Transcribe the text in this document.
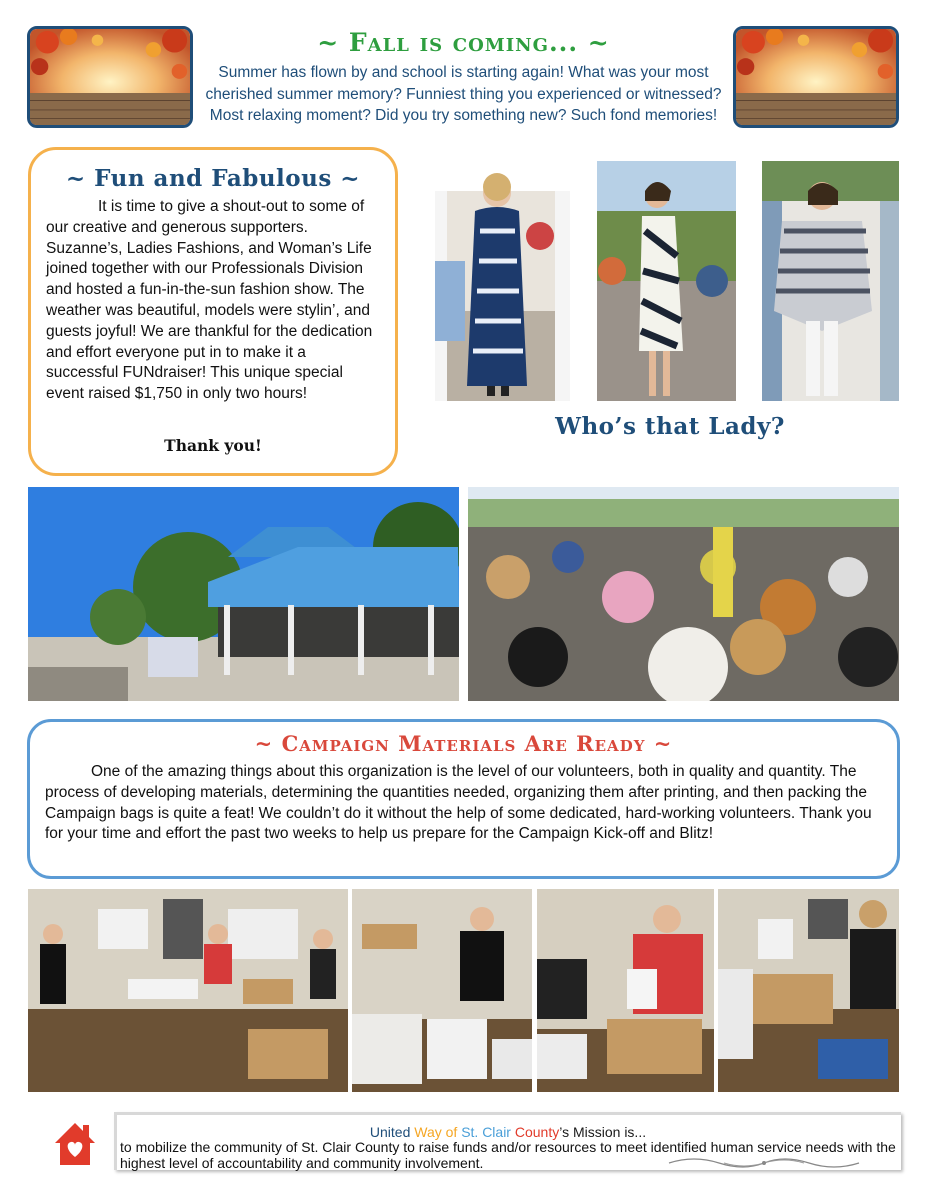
~ Fall is coming... ~
Summer has flown by and school is starting again! What was your most cherished summer memory? Funniest thing you experienced or witnessed? Most relaxing moment? Did you try something new? Such fond memories!
~ Fun and Fabulous ~
It is time to give a shout-out to some of our creative and generous supporters. Suzanne’s, Ladies Fashions, and Woman’s Life joined together with our Professionals Division and hosted a fun-in-the-sun fashion show. The weather was beautiful, models were stylin’, and guests joyful! We are thankful for the dedication and effort everyone put in to make it a successful FUNdraiser! This unique special event raised $1,750 in only two hours!
Thank you!
Who’s that Lady?
~ Campaign Materials Are Ready ~
One of the amazing things about this organization is the level of our volunteers, both in quality and quantity. The process of developing materials, determining the quantities needed, organizing them after printing, and then packing the Campaign bags is quite a feat! We couldn’t do it without the help of some dedicated, hard-working volunteers. Thank you for your time and effort the past two weeks to help us prepare for the Campaign Kick-off and Blitz!
United Way of St. Clair County’s Mission is...
to mobilize the community of St. Clair County to raise funds and/or resources to meet identified human service needs with the highest level of accountability and community involvement.
